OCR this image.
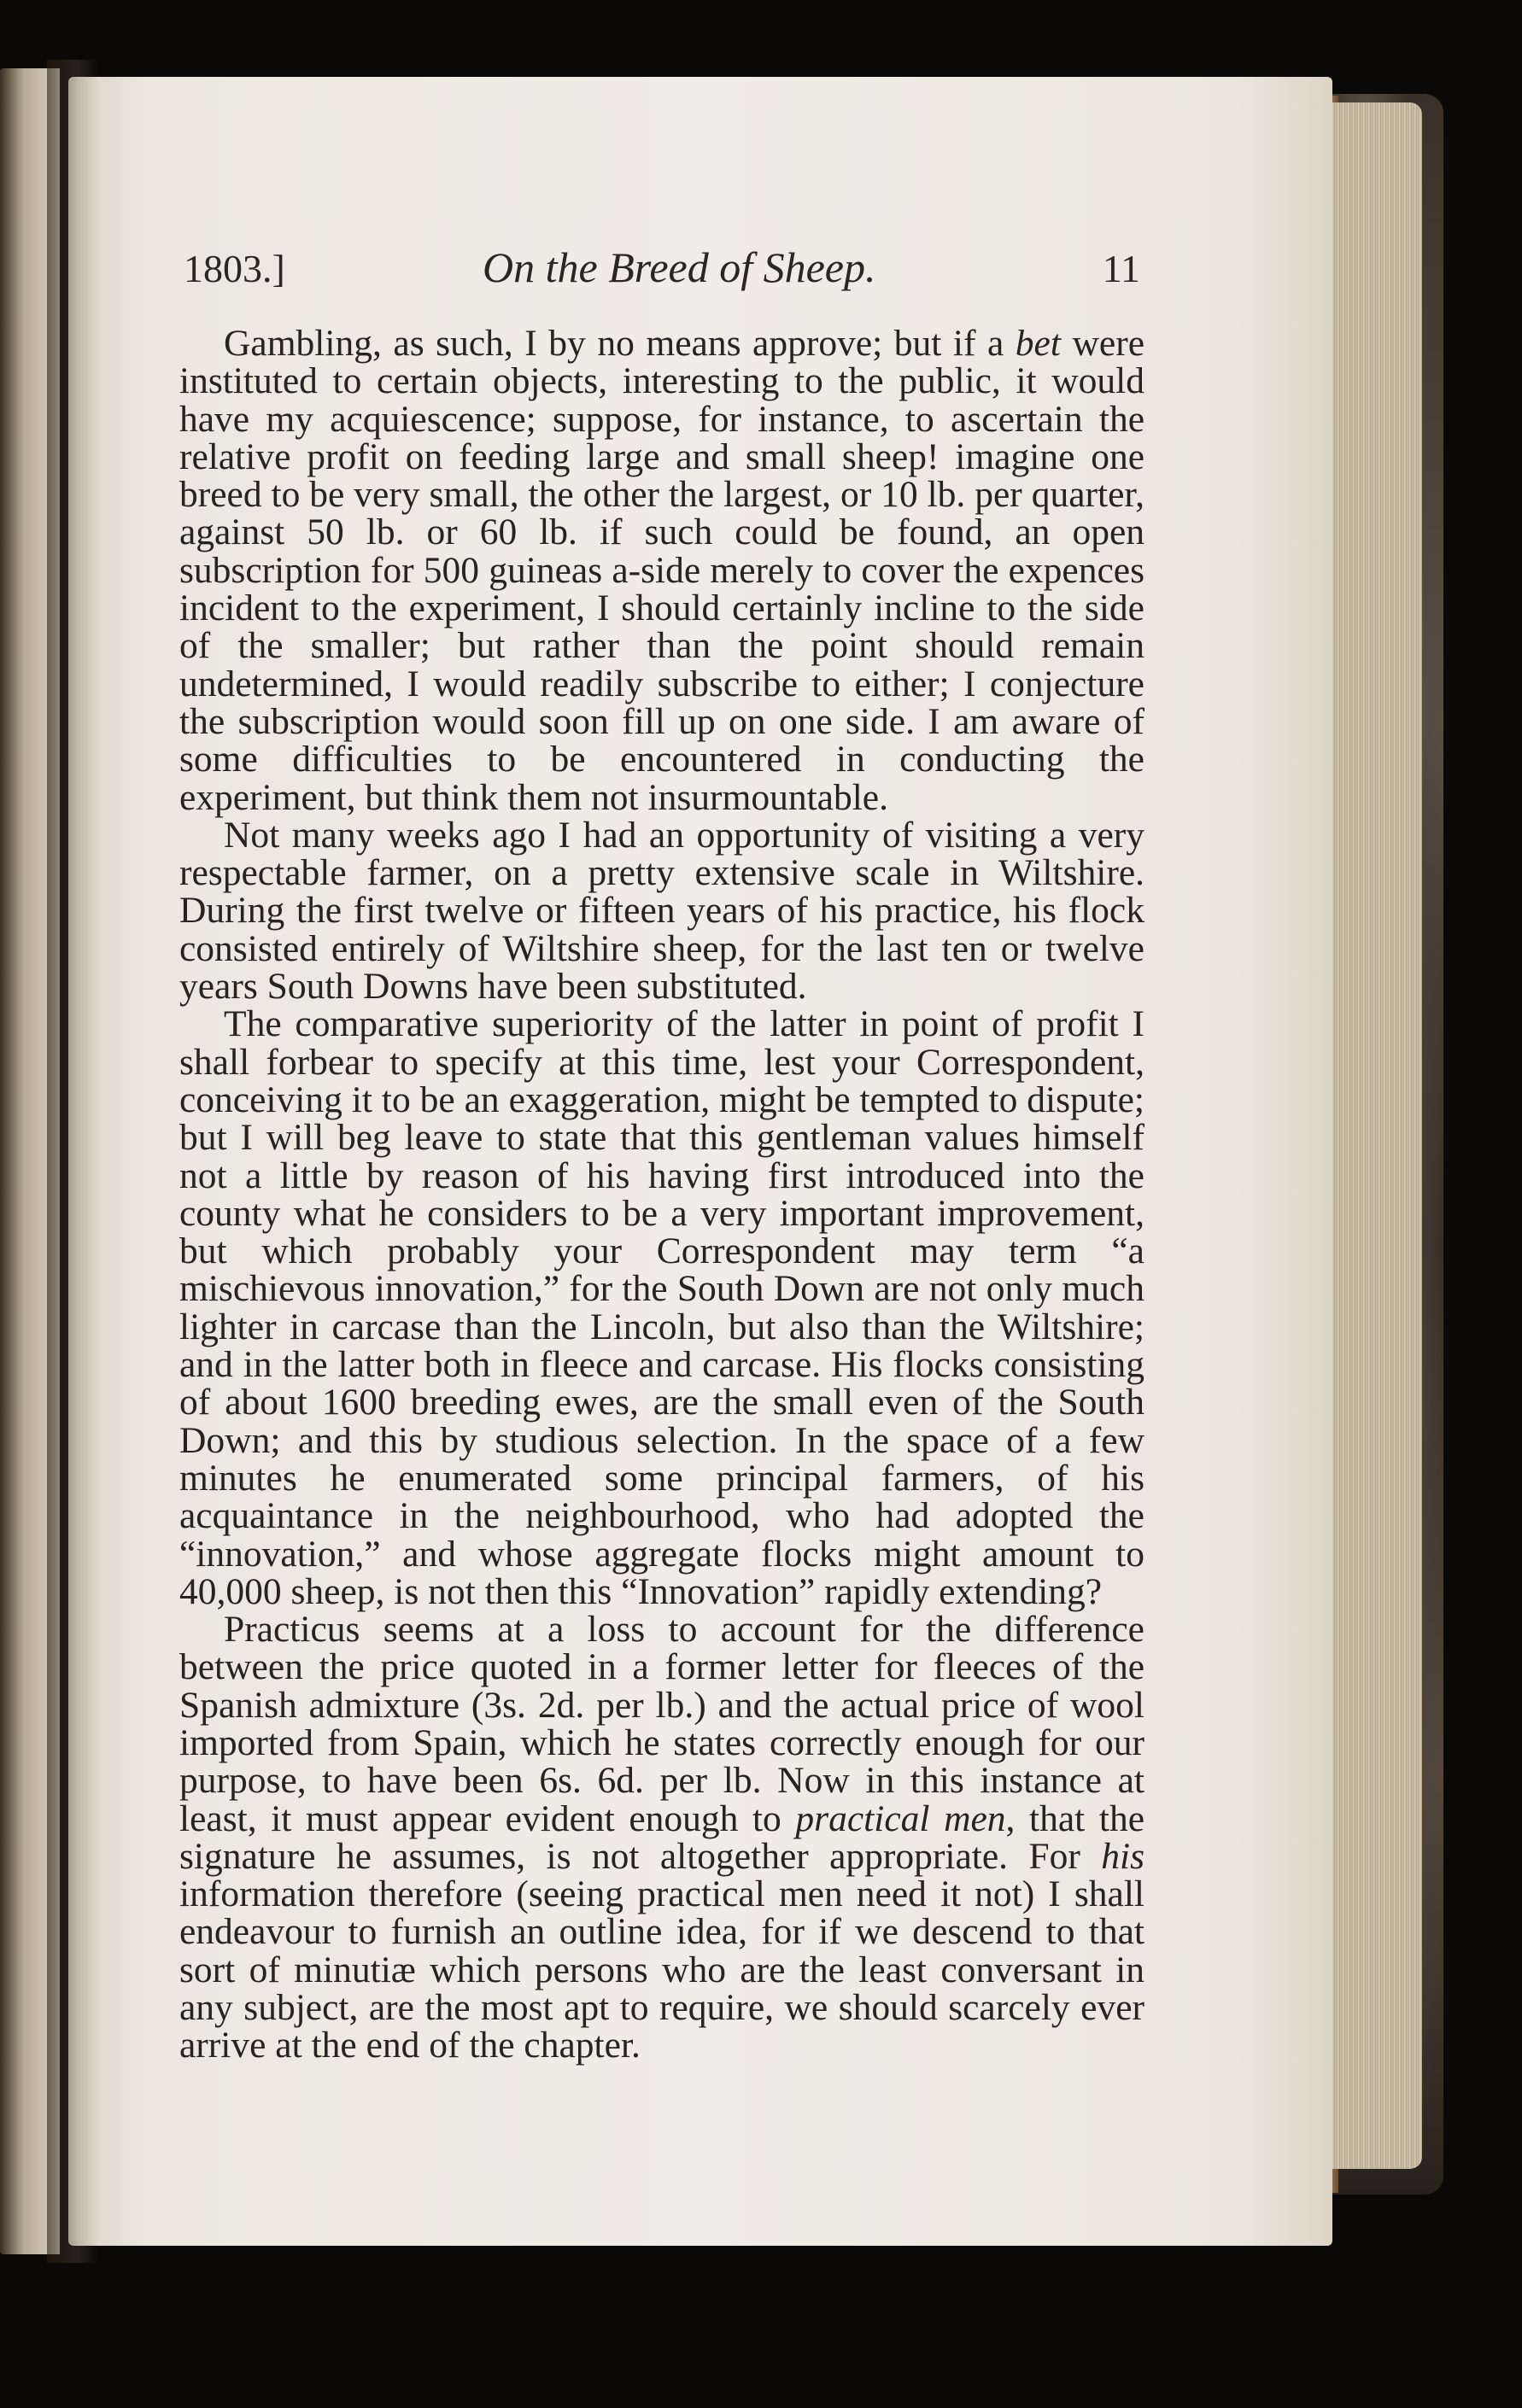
1803.]	On the Breed of Sheep.	11

Gambling, as such, I by no means approve; but if a bet were instituted to certain objects, interesting to the public, it would have my acquiescence; suppose, for instance, to ascertain the relative profit on feeding large and small sheep! imagine one breed to be very small, the other the largest, or 10 lb. per quarter, against 50 lb. or 60 lb. if such could be found, an open subscription for 500 guineas a-side merely to cover the expences incident to the experiment, I should certainly incline to the side of the smaller; but rather than the point should remain undetermined, I would readily subscribe to either; I conjecture the subscription would soon fill up on one side. I am aware of some difficulties to be encountered in conducting the experiment, but think them not insurmountable.

Not many weeks ago I had an opportunity of visiting a very respectable farmer, on a pretty extensive scale in Wiltshire. During the first twelve or fifteen years of his practice, his flock consisted entirely of Wiltshire sheep, for the last ten or twelve years South Downs have been substituted.

The comparative superiority of the latter in point of profit I shall forbear to specify at this time, lest your Correspondent, conceiving it to be an exaggeration, might be tempted to dispute; but I will beg leave to state that this gentleman values himself not a little by reason of his having first introduced into the county what he considers to be a very important improvement, but which probably your Correspondent may term “a mischievous innovation,” for the South Down are not only much lighter in carcase than the Lincoln, but also than the Wiltshire; and in the latter both in fleece and carcase. His flocks consisting of about 1600 breeding ewes, are the small even of the South Down; and this by studious selection. In the space of a few minutes he enumerated some principal farmers, of his acquaintance in the neighbourhood, who had adopted the “innovation,” and whose aggregate flocks might amount to 40,000 sheep, is not then this “Innovation” rapidly extending?

Practicus seems at a loss to account for the difference between the price quoted in a former letter for fleeces of the Spanish admixture (3s. 2d. per lb.) and the actual price of wool imported from Spain, which he states correctly enough for our purpose, to have been 6s. 6d. per lb. Now in this instance at least, it must appear evident enough to practical men, that the signature he assumes, is not altogether appropriate. For his information therefore (seeing practical men need it not) I shall endeavour to furnish an outline idea, for if we descend to that sort of minutiæ which persons who are the least conversant in any subject, are the most apt to require, we should scarcely ever arrive at the end of the chapter.
